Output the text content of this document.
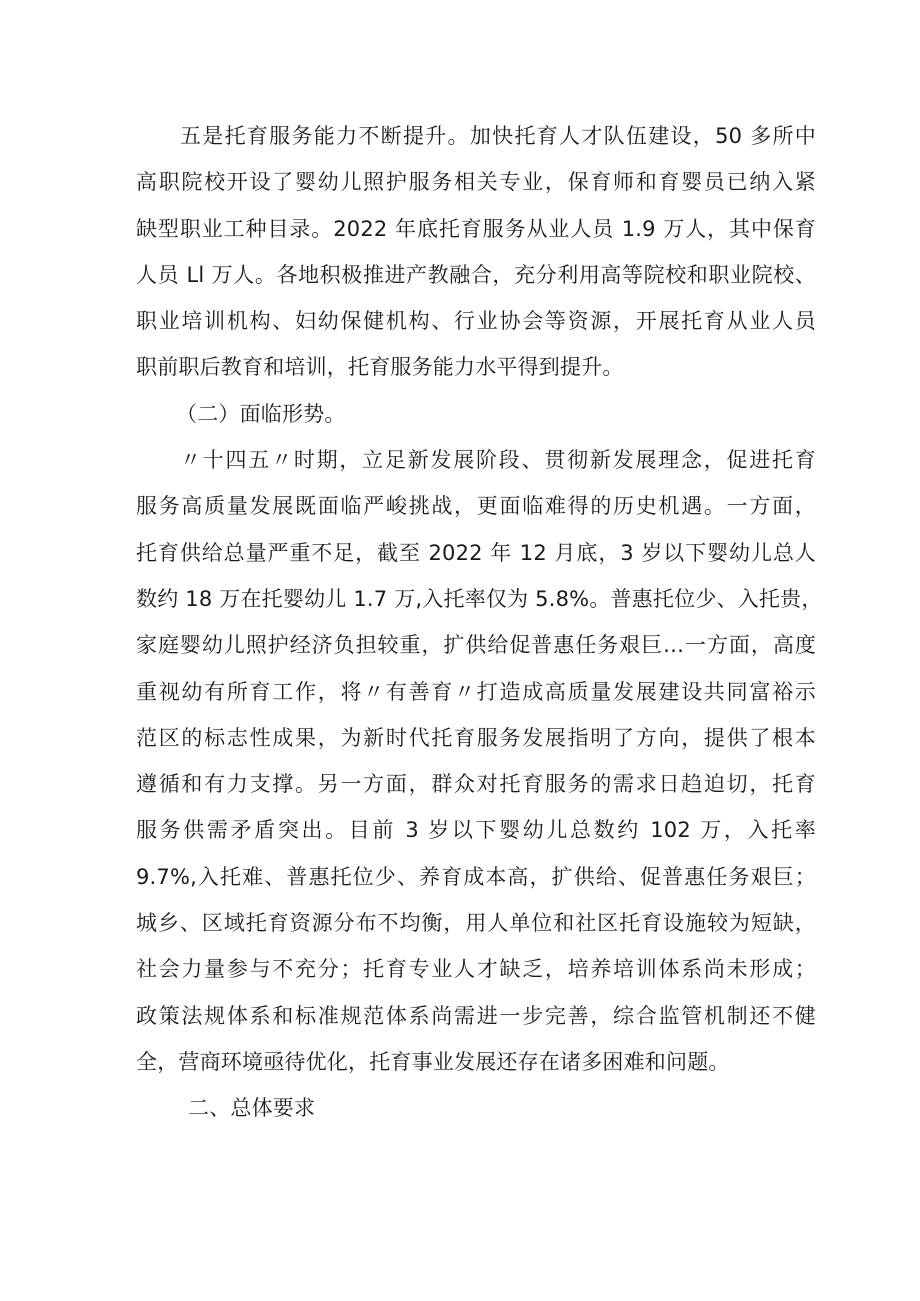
五是托育服务能力不断提升。加快托育人才队伍建设，50 多所中
高职院校开设了婴幼儿照护服务相关专业，保育师和育婴员已纳入紧
缺型职业工种目录。2022 年底托育服务从业人员 1.9 万人，其中保育
人员 Ll 万人。各地积极推进产教融合，充分利用高等院校和职业院校、
职业培训机构、妇幼保健机构、行业协会等资源，开展托育从业人员
职前职后教育和培训，托育服务能力水平得到提升。
（二）面临形势。
〃十四五〃时期，立足新发展阶段、贯彻新发展理念，促进托育
服务高质量发展既面临严峻挑战，更面临难得的历史机遇。一方面，
托育供给总量严重不足，截至 2022 年 12 月底，3 岁以下婴幼儿总人
数约 18 万在托婴幼儿 1.7 万,入托率仅为 5.8%。普惠托位少、入托贵，
家庭婴幼儿照护经济负担较重，扩供给促普惠任务艰巨…一方面，高度
重视幼有所育工作，将〃有善育〃打造成高质量发展建设共同富裕示
范区的标志性成果，为新时代托育服务发展指明了方向，提供了根本
遵循和有力支撑。另一方面，群众对托育服务的需求日趋迫切，托育
服务供需矛盾突出。目前 3 岁以下婴幼儿总数约 102 万，入托率
9.7%,入托难、普惠托位少、养育成本高，扩供给、促普惠任务艰巨；
城乡、区域托育资源分布不均衡，用人单位和社区托育设施较为短缺，
社会力量参与不充分；托育专业人才缺乏，培养培训体系尚未形成；
政策法规体系和标准规范体系尚需进一步完善，综合监管机制还不健
全，营商环境亟待优化，托育事业发展还存在诸多困难和问题。
二、总体要求
